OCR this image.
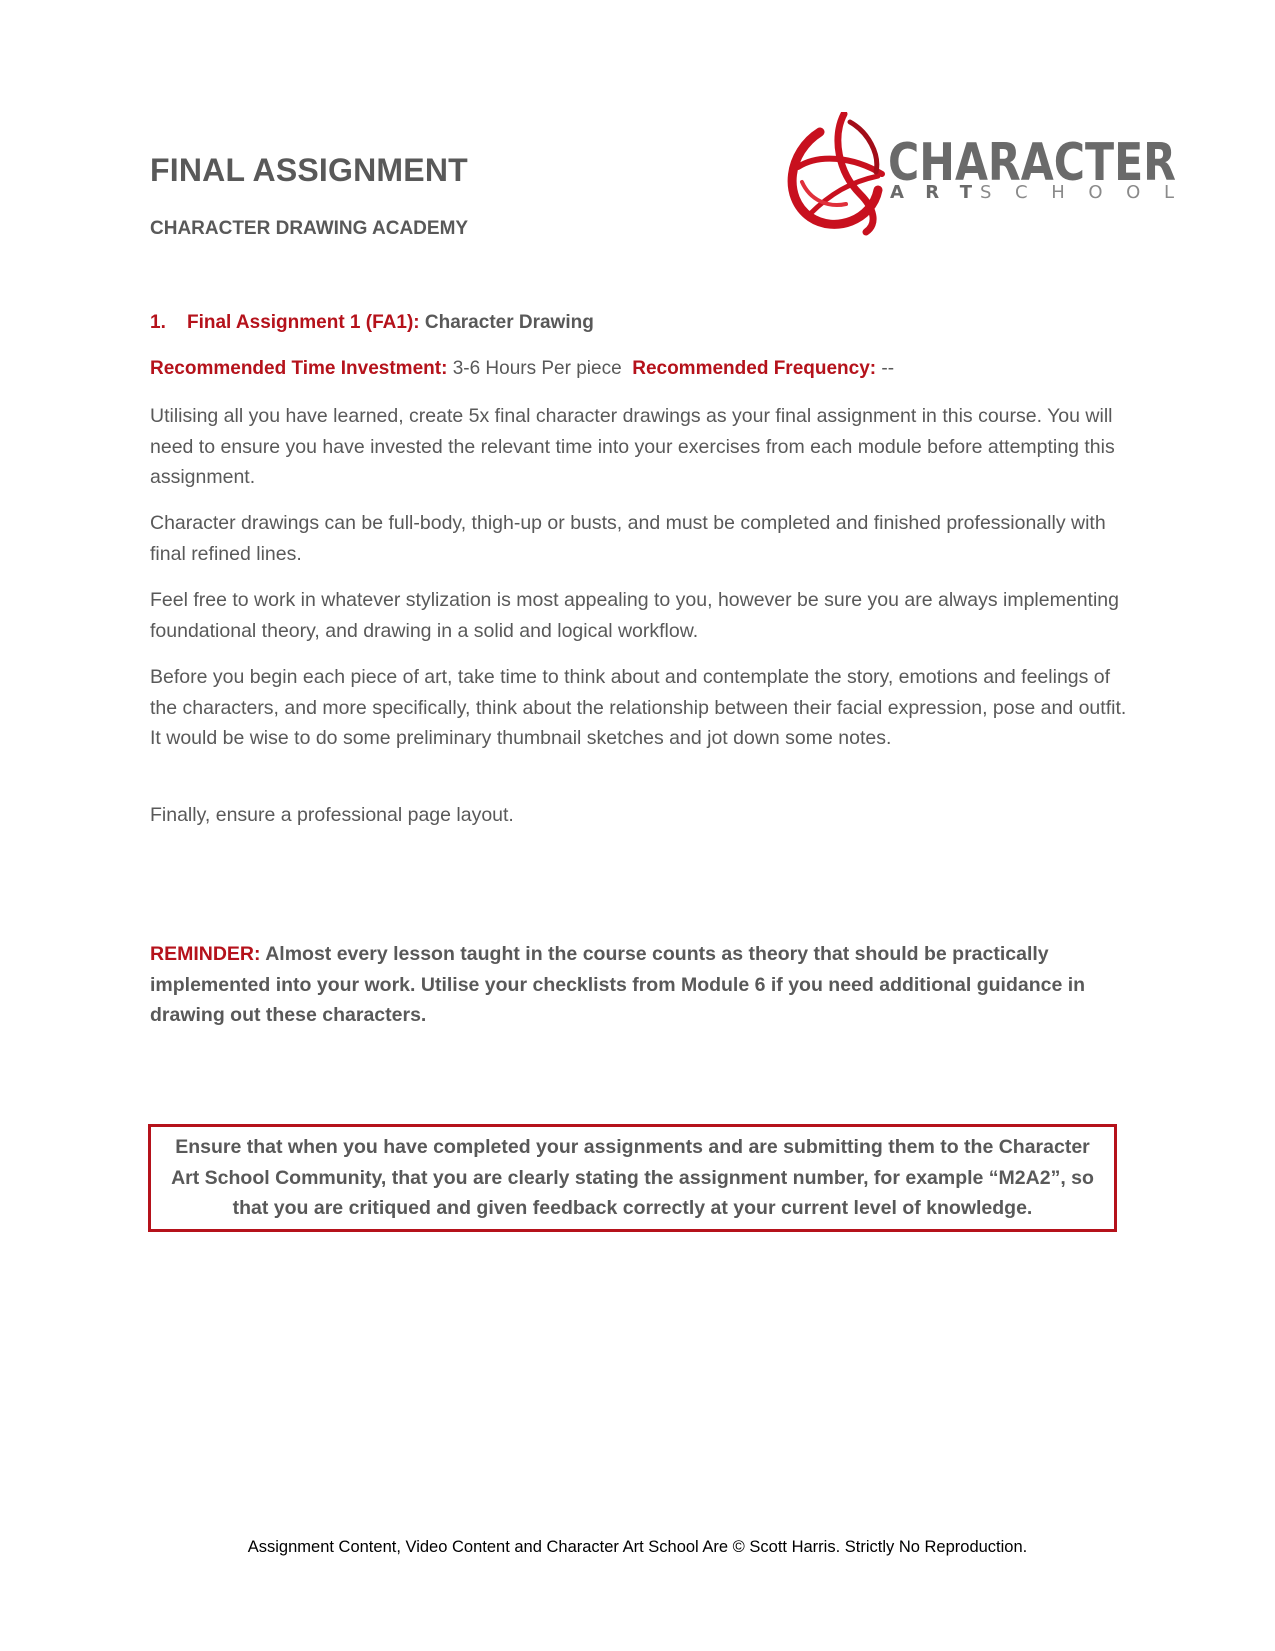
FINAL ASSIGNMENT
CHARACTER DRAWING ACADEMY
CHARACTER
ART SCHOOL

1. Final Assignment 1 (FA1): Character Drawing

Recommended Time Investment: 3-6 Hours Per piece Recommended Frequency: --

Utilising all you have learned, create 5x final character drawings as your final assignment in this course. You will need to ensure you have invested the relevant time into your exercises from each module before attempting this assignment.

Character drawings can be full-body, thigh-up or busts, and must be completed and finished professionally with final refined lines.

Feel free to work in whatever stylization is most appealing to you, however be sure you are always implementing foundational theory, and drawing in a solid and logical workflow.

Before you begin each piece of art, take time to think about and contemplate the story, emotions and feelings of the characters, and more specifically, think about the relationship between their facial expression, pose and outfit. It would be wise to do some preliminary thumbnail sketches and jot down some notes.

Finally, ensure a professional page layout.

REMINDER: Almost every lesson taught in the course counts as theory that should be practically implemented into your work. Utilise your checklists from Module 6 if you need additional guidance in drawing out these characters.

Ensure that when you have completed your assignments and are submitting them to the Character Art School Community, that you are clearly stating the assignment number, for example “M2A2”, so that you are critiqued and given feedback correctly at your current level of knowledge.

Assignment Content, Video Content and Character Art School Are © Scott Harris. Strictly No Reproduction.
